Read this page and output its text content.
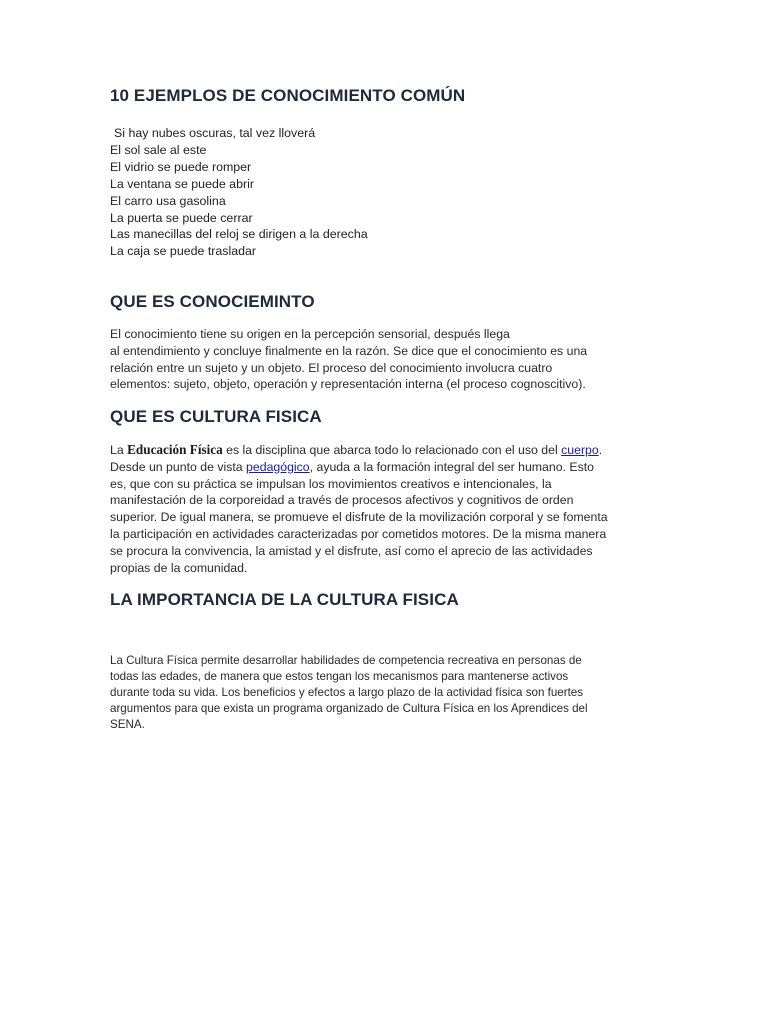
10 EJEMPLOS DE CONOCIMIENTO COMÚN
Si hay nubes oscuras, tal vez lloverá
El sol sale al este
El vidrio se puede romper
La ventana se puede abrir
El carro usa gasolina
La puerta se puede cerrar
Las manecillas del reloj se dirigen a la derecha
La caja se puede trasladar
QUE ES CONOCIEMINTO

El conocimiento tiene su origen en la percepción sensorial, después llega
al entendimiento y concluye finalmente en la razón. Se dice que el conocimiento es una
relación entre un sujeto y un objeto. El proceso del conocimiento involucra cuatro
elementos: sujeto, objeto, operación y representación interna (el proceso cognoscitivo).

QUE ES CULTURA FISICA

La Educación Física es la disciplina que abarca todo lo relacionado con el uso del cuerpo.
Desde un punto de vista pedagógico, ayuda a la formación integral del ser humano. Esto
es, que con su práctica se impulsan los movimientos creativos e intencionales, la
manifestación de la corporeidad a través de procesos afectivos y cognitivos de orden
superior. De igual manera, se promueve el disfrute de la movilización corporal y se fomenta
la participación en actividades caracterizadas por cometidos motores. De la misma manera
se procura la convivencia, la amistad y el disfrute, así como el aprecio de las actividades
propias de la comunidad.

LA IMPORTANCIA DE LA CULTURA FISICA

La Cultura Física permite desarrollar habilidades de competencia recreativa en personas de
todas las edades, de manera que estos tengan los mecanismos para mantenerse activos
durante toda su vida. Los beneficios y efectos a largo plazo de la actividad física son fuertes
argumentos para que exista un programa organizado de Cultura Física en los Aprendices del
SENA.
